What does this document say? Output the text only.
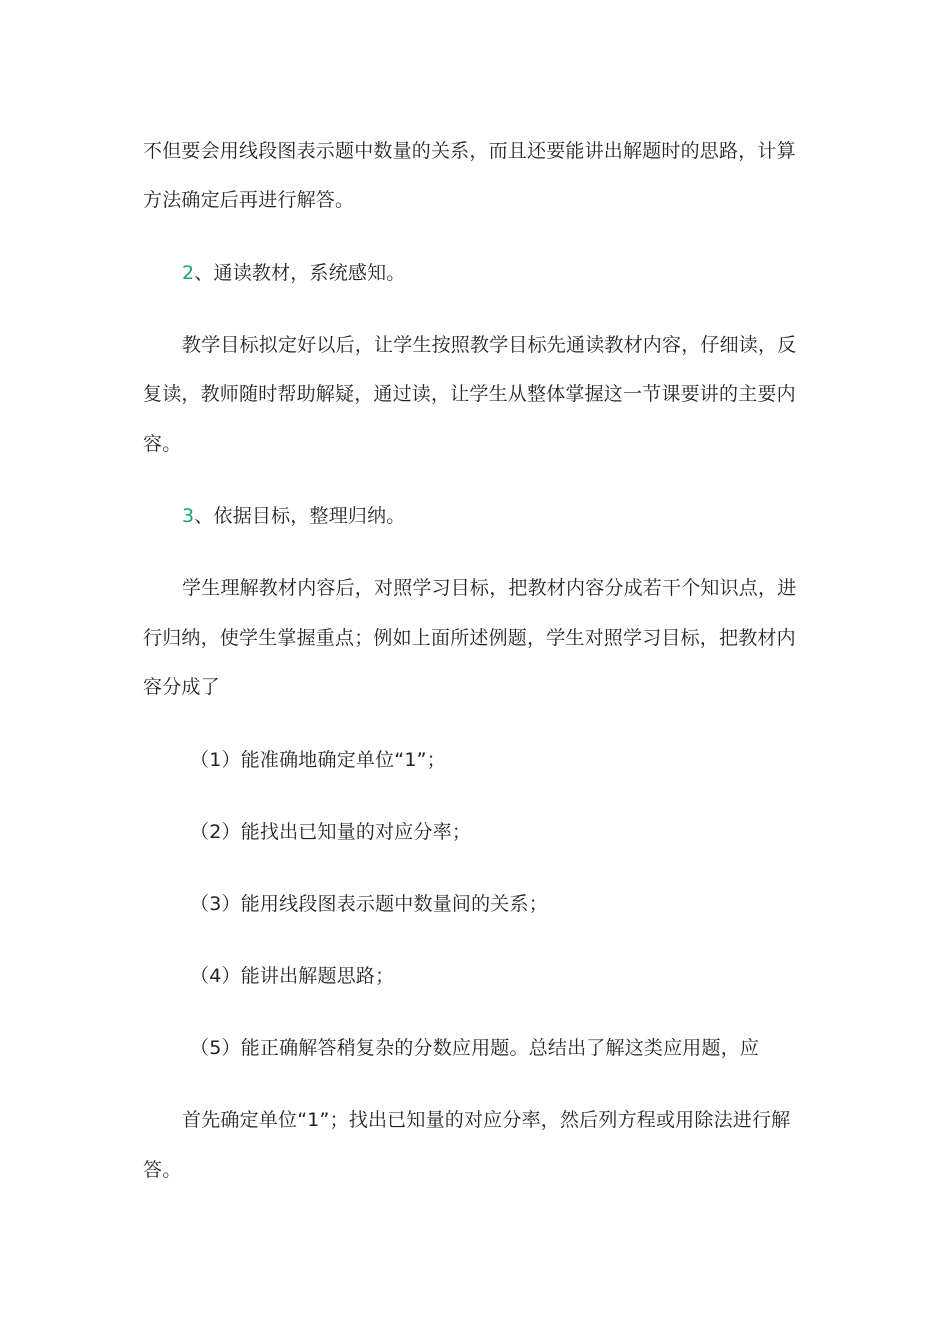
不但要会用线段图表示题中数量的关系，而且还要能讲出解题时的思路，计算
方法确定后再进行解答。
2、通读教材，系统感知。
教学目标拟定好以后，让学生按照教学目标先通读教材内容，仔细读，反
复读，教师随时帮助解疑，通过读，让学生从整体掌握这一节课要讲的主要内
容。
3、依据目标，整理归纳。
学生理解教材内容后，对照学习目标，把教材内容分成若干个知识点，进
行归纳，使学生掌握重点；例如上面所述例题，学生对照学习目标，把教材内
容分成了
（1）能准确地确定单位“1”；
（2）能找出已知量的对应分率；
（3）能用线段图表示题中数量间的关系；
（4）能讲出解题思路；
（5）能正确解答稍复杂的分数应用题。总结出了解这类应用题，应
首先确定单位“1”；找出已知量的对应分率，然后列方程或用除法进行解
答。
